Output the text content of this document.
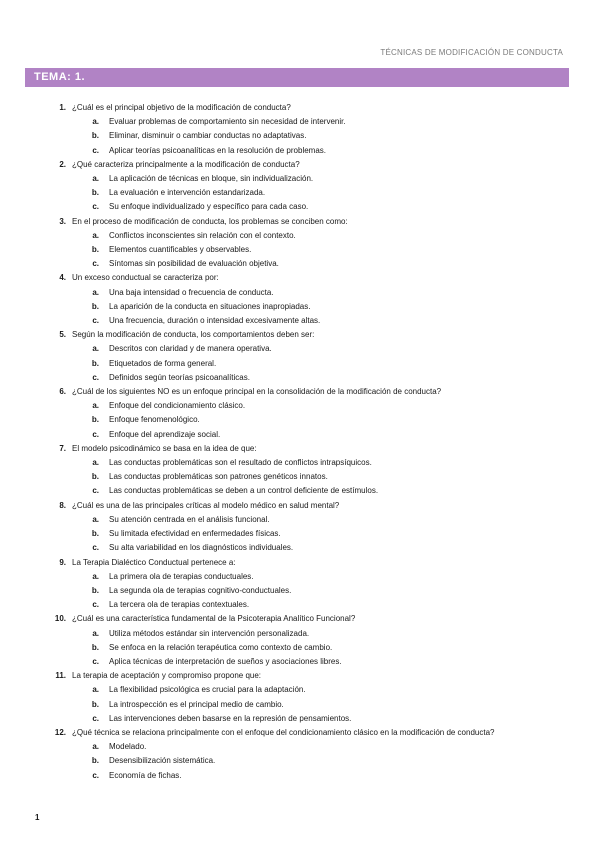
TÉCNICAS DE MODIFICACIÓN DE CONDUCTA
TEMA: 1.
1. ¿Cuál es el principal objetivo de la modificación de conducta?
a. Evaluar problemas de comportamiento sin necesidad de intervenir.
b. Eliminar, disminuir o cambiar conductas no adaptativas.
c. Aplicar teorías psicoanalíticas en la resolución de problemas.
2. ¿Qué caracteriza principalmente a la modificación de conducta?
a. La aplicación de técnicas en bloque, sin individualización.
b. La evaluación e intervención estandarizada.
c. Su enfoque individualizado y específico para cada caso.
3. En el proceso de modificación de conducta, los problemas se conciben como:
a. Conflictos inconscientes sin relación con el contexto.
b. Elementos cuantificables y observables.
c. Síntomas sin posibilidad de evaluación objetiva.
4. Un exceso conductual se caracteriza por:
a. Una baja intensidad o frecuencia de conducta.
b. La aparición de la conducta en situaciones inapropiadas.
c. Una frecuencia, duración o intensidad excesivamente altas.
5. Según la modificación de conducta, los comportamientos deben ser:
a. Descritos con claridad y de manera operativa.
b. Etiquetados de forma general.
c. Definidos según teorías psicoanalíticas.
6. ¿Cuál de los siguientes NO es un enfoque principal en la consolidación de la modificación de conducta?
a. Enfoque del condicionamiento clásico.
b. Enfoque fenomenológico.
c. Enfoque del aprendizaje social.
7. El modelo psicodinámico se basa en la idea de que:
a. Las conductas problemáticas son el resultado de conflictos intrapsíquicos.
b. Las conductas problemáticas son patrones genéticos innatos.
c. Las conductas problemáticas se deben a un control deficiente de estímulos.
8. ¿Cuál es una de las principales críticas al modelo médico en salud mental?
a. Su atención centrada en el análisis funcional.
b. Su limitada efectividad en enfermedades físicas.
c. Su alta variabilidad en los diagnósticos individuales.
9. La Terapia Dialéctico Conductual pertenece a:
a. La primera ola de terapias conductuales.
b. La segunda ola de terapias cognitivo-conductuales.
c. La tercera ola de terapias contextuales.
10. ¿Cuál es una característica fundamental de la Psicoterapia Analítico Funcional?
a. Utiliza métodos estándar sin intervención personalizada.
b. Se enfoca en la relación terapéutica como contexto de cambio.
c. Aplica técnicas de interpretación de sueños y asociaciones libres.
11. La terapia de aceptación y compromiso propone que:
a. La flexibilidad psicológica es crucial para la adaptación.
b. La introspección es el principal medio de cambio.
c. Las intervenciones deben basarse en la represión de pensamientos.
12. ¿Qué técnica se relaciona principalmente con el enfoque del condicionamiento clásico en la modificación de conducta?
a. Modelado.
b. Desensibilización sistemática.
c. Economía de fichas.
1
